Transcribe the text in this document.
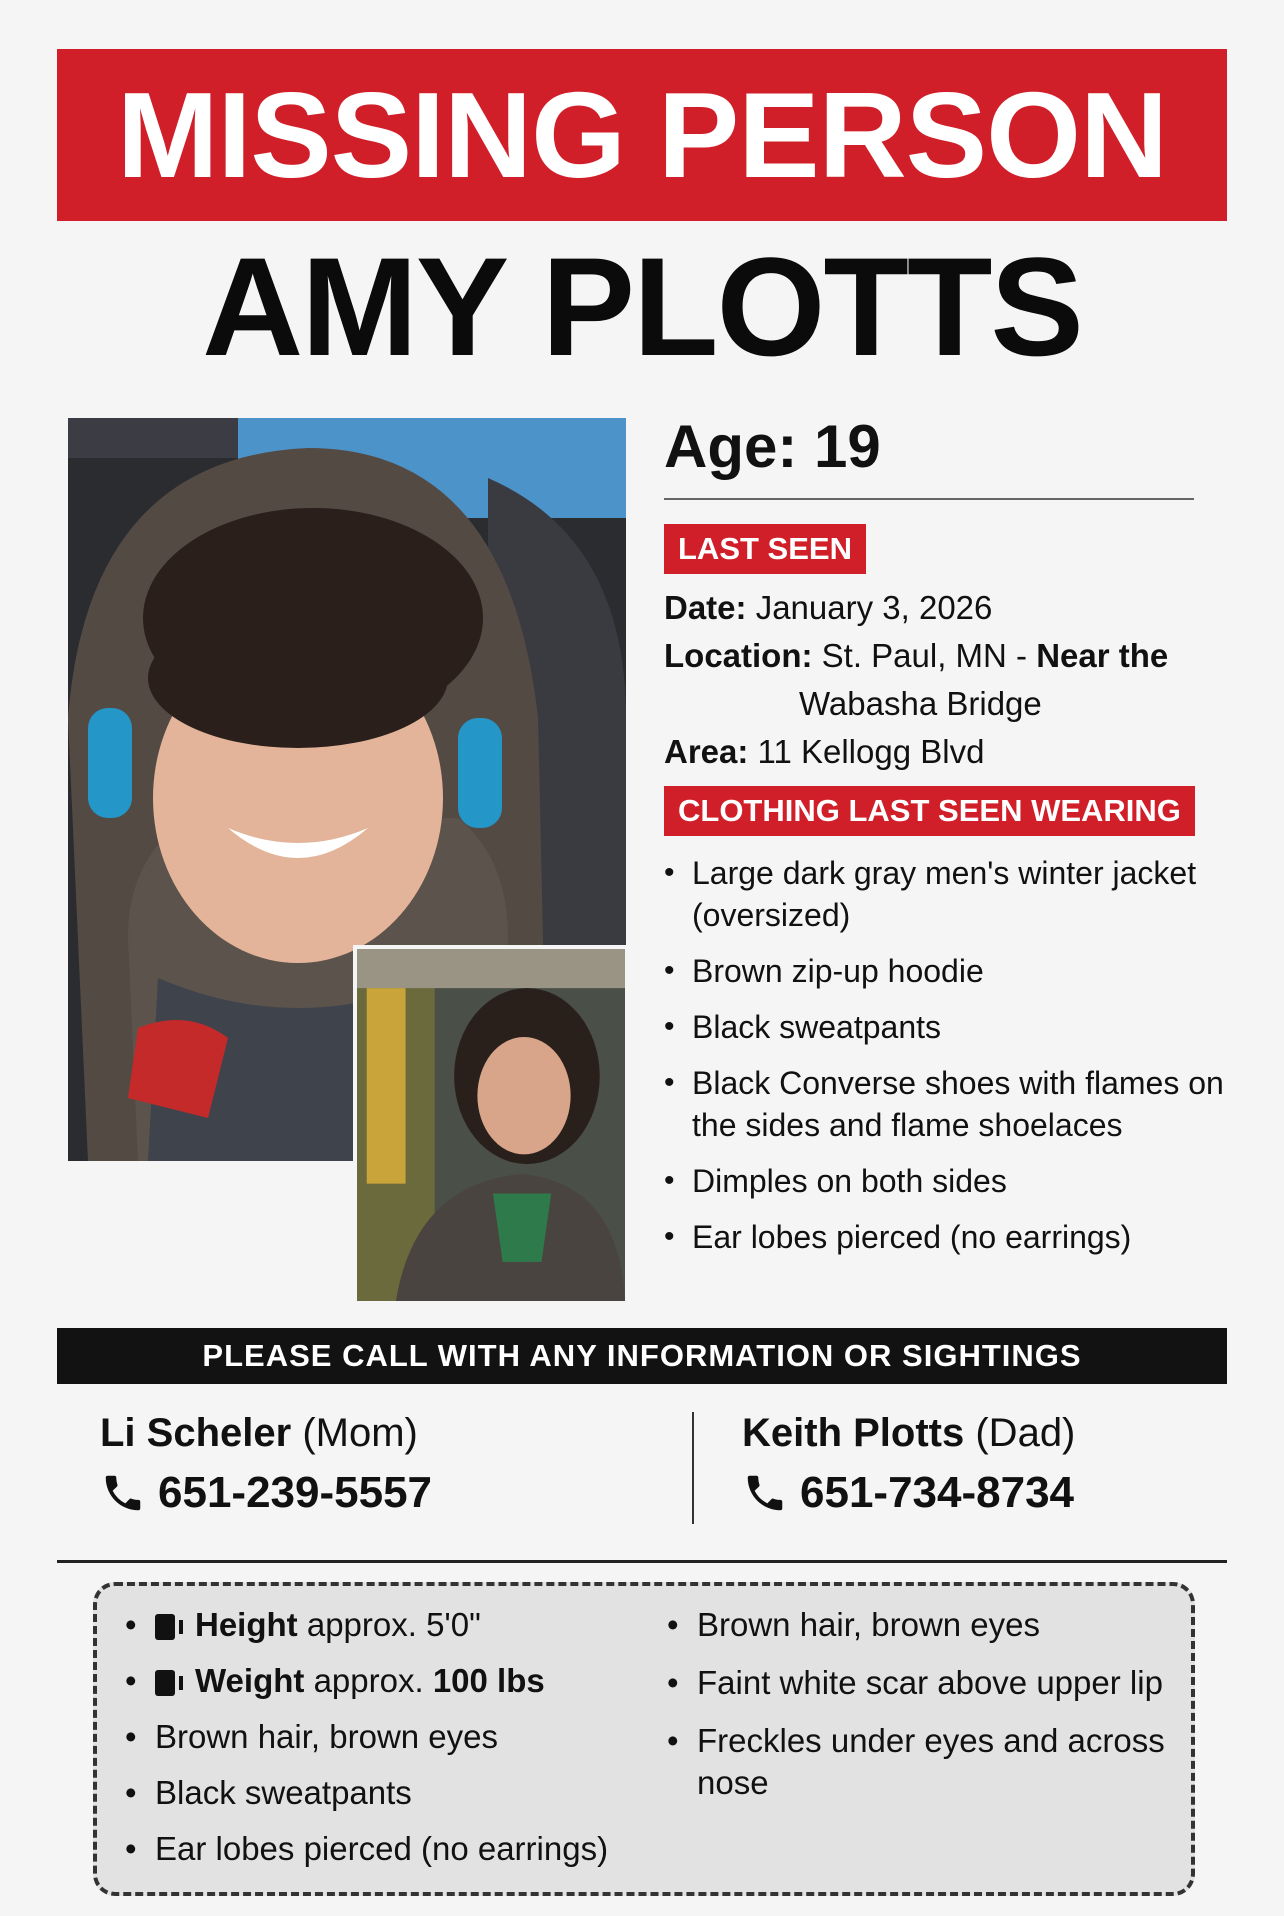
MISSING PERSON
AMY PLOTTS
Age: 19
LAST SEEN
Date: January 3, 2026
Location: St. Paul, MN - Near the
Wabasha Bridge
Area: 11 Kellogg Blvd
CLOTHING LAST SEEN WEARING
• Large dark gray men's winter jacket (oversized)
• Brown zip-up hoodie
• Black sweatpants
• Black Converse shoes with flames on the sides and flame shoelaces
• Dimples on both sides
• Ear lobes pierced (no earrings)
PLEASE CALL WITH ANY INFORMATION OR SIGHTINGS
Li Scheler (Mom)
651-239-5557
Keith Plotts (Dad)
651-734-8734
• Height approx. 5'0"
• Weight approx. 100 lbs
• Brown hair, brown eyes
• Black sweatpants
• Ear lobes pierced (no earrings)
• Brown hair, brown eyes
• Faint white scar above upper lip
• Freckles under eyes and across nose
